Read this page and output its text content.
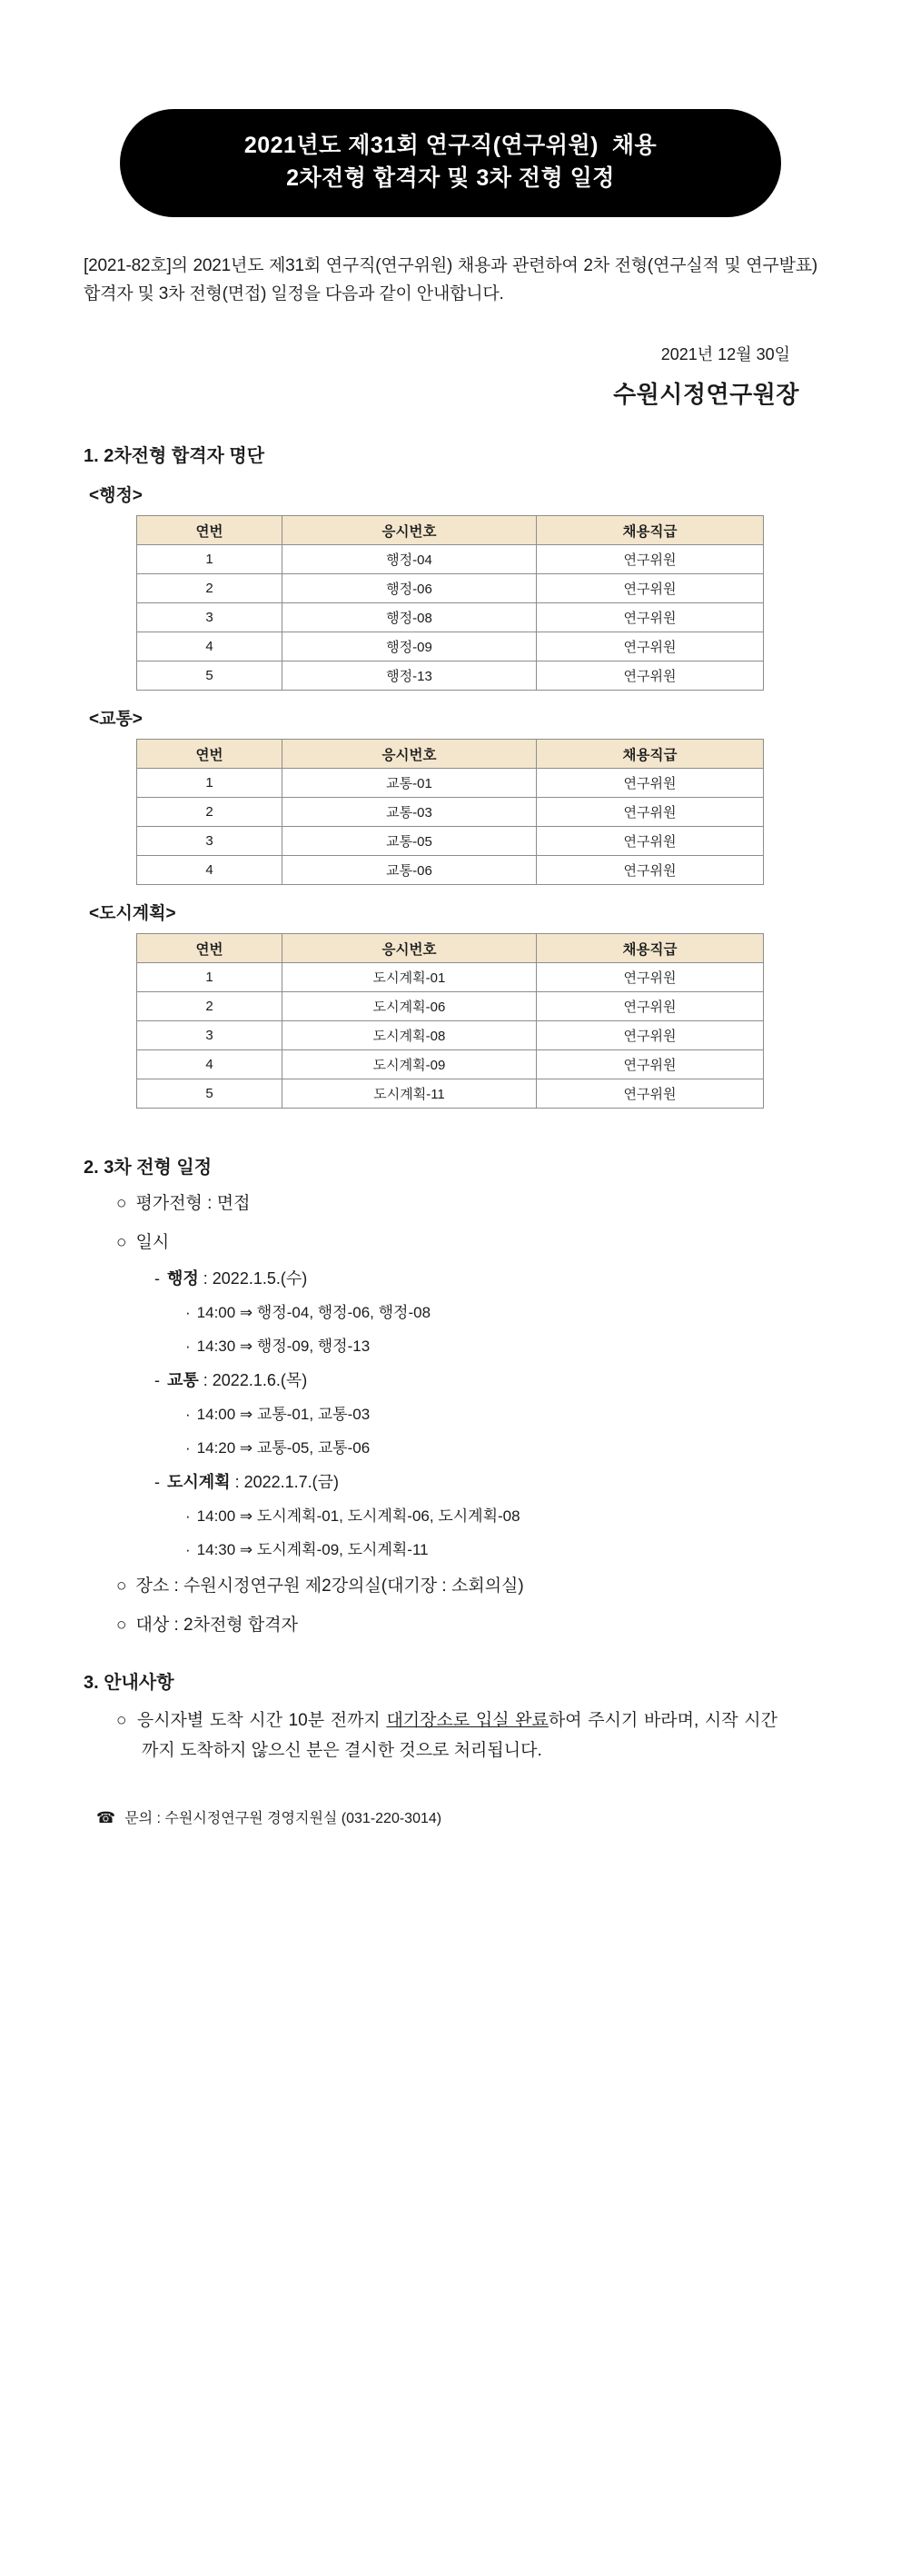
2021년도 제31회 연구직(연구위원)  채용
2차전형 합격자 및 3차 전형 일정
[2021-82호]의 2021년도 제31회 연구직(연구위원) 채용과 관련하여 2차 전형(연구실적 및 연구발표) 합격자 및 3차 전형(면접) 일정을 다음과 같이 안내합니다.
2021년 12월 30일
수원시정연구원장
1. 2차전형 합격자 명단
<행정>
연번	응시번호	채용직급
1	행정-04	연구위원
2	행정-06	연구위원
3	행정-08	연구위원
4	행정-09	연구위원
5	행정-13	연구위원
<교통>
연번	응시번호	채용직급
1	교통-01	연구위원
2	교통-03	연구위원
3	교통-05	연구위원
4	교통-06	연구위원
<도시계획>
연번	응시번호	채용직급
1	도시계획-01	연구위원
2	도시계획-06	연구위원
3	도시계획-08	연구위원
4	도시계획-09	연구위원
5	도시계획-11	연구위원
2. 3차 전형 일정
○ 평가전형 : 면접
○ 일시
- 행정 : 2022.1.5.(수)
· 14:00 ⇒ 행정-04, 행정-06, 행정-08
· 14:30 ⇒ 행정-09, 행정-13
- 교통 : 2022.1.6.(목)
· 14:00 ⇒ 교통-01, 교통-03
· 14:20 ⇒ 교통-05, 교통-06
- 도시계획 : 2022.1.7.(금)
· 14:00 ⇒ 도시계획-01, 도시계획-06, 도시계획-08
· 14:30 ⇒ 도시계획-09, 도시계획-11
○ 장소 : 수원시정연구원 제2강의실(대기장 : 소회의실)
○ 대상 : 2차전형 합격자
3. 안내사항
○ 응시자별 도착 시간 10분 전까지 대기장소로 입실 완료하여 주시기 바라며, 시작 시간까지 도착하지 않으신 분은 결시한 것으로 처리됩니다.
☎ 문의 : 수원시정연구원 경영지원실 (031-220-3014)
